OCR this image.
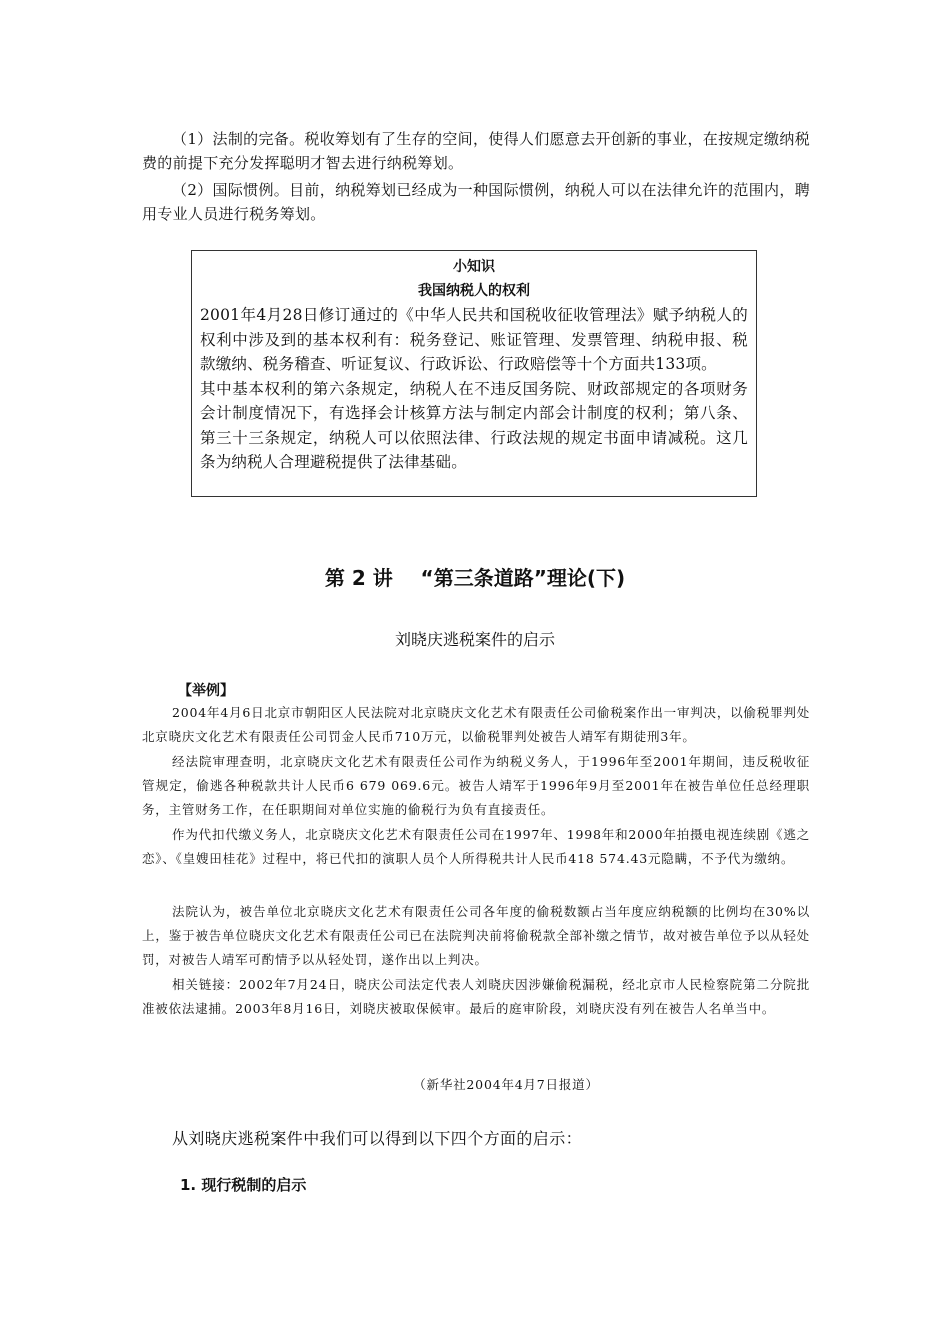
（1）法制的完备。税收筹划有了生存的空间，使得人们愿意去开创新的事业，在按规定缴纳税费的前提下充分发挥聪明才智去进行纳税筹划。

（2）国际惯例。目前，纳税筹划已经成为一种国际惯例，纳税人可以在法律允许的范围内，聘用专业人员进行税务筹划。

小知识
我国纳税人的权利

2001年4月28日修订通过的《中华人民共和国税收征收管理法》赋予纳税人的权利中涉及到的基本权利有：税务登记、账证管理、发票管理、纳税申报、税款缴纳、税务稽查、听证复议、行政诉讼、行政赔偿等十个方面共133项。

其中基本权利的第六条规定，纳税人在不违反国务院、财政部规定的各项财务会计制度情况下，有选择会计核算方法与制定内部会计制度的权利；第八条、第三十三条规定，纳税人可以依照法律、行政法规的规定书面申请减税。这几条为纳税人合理避税提供了法律基础。

第 2 讲    “第三条道路”理论(下)
刘晓庆逃税案件的启示
【举例】

2004年4月6日北京市朝阳区人民法院对北京晓庆文化艺术有限责任公司偷税案作出一审判决，以偷税罪判处北京晓庆文化艺术有限责任公司罚金人民币710万元，以偷税罪判处被告人靖军有期徒刑3年。

经法院审理查明，北京晓庆文化艺术有限责任公司作为纳税义务人，于1996年至2001年期间，违反税收征管规定，偷逃各种税款共计人民币6 679 069.6元。被告人靖军于1996年9月至2001年在被告单位任总经理职务，主管财务工作，在任职期间对单位实施的偷税行为负有直接责任。

作为代扣代缴义务人，北京晓庆文化艺术有限责任公司在1997年、1998年和2000年拍摄电视连续剧《逃之恋》、《皇嫂田桂花》过程中，将已代扣的演职人员个人所得税共计人民币418 574.43元隐瞒，不予代为缴纳。

法院认为，被告单位北京晓庆文化艺术有限责任公司各年度的偷税数额占当年度应纳税额的比例均在30%以上，鉴于被告单位晓庆文化艺术有限责任公司已在法院判决前将偷税款全部补缴之情节，故对被告单位予以从轻处罚，对被告人靖军可酌情予以从轻处罚，遂作出以上判决。

相关链接：2002年7月24日，晓庆公司法定代表人刘晓庆因涉嫌偷税漏税，经北京市人民检察院第二分院批准被依法逮捕。2003年8月16日，刘晓庆被取保候审。最后的庭审阶段，刘晓庆没有列在被告人名单当中。

（新华社2004年4月7日报道）
从刘晓庆逃税案件中我们可以得到以下四个方面的启示：
1. 现行税制的启示
